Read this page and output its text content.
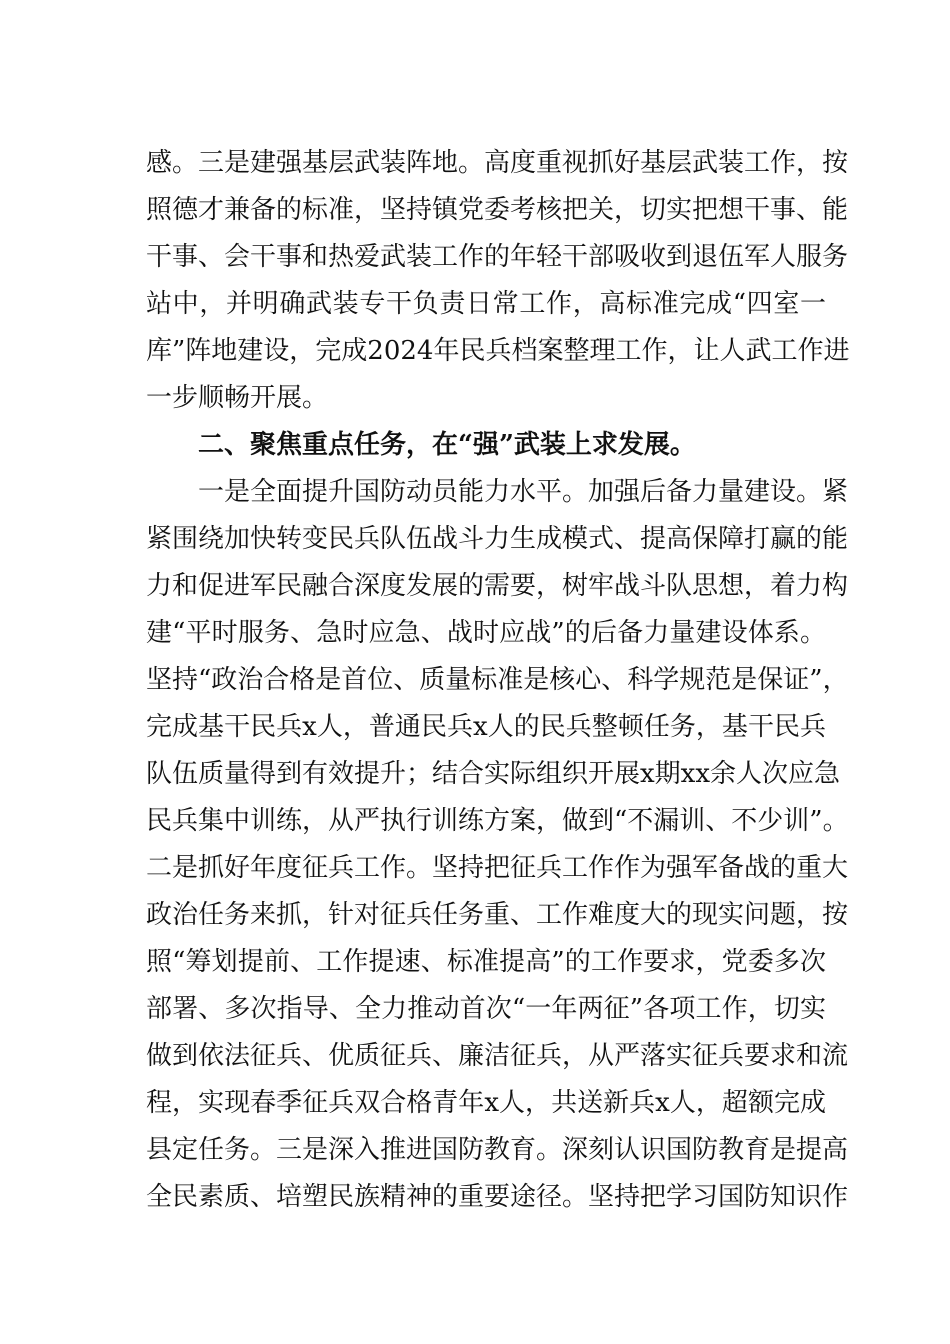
感。三是建强基层武装阵地。高度重视抓好基层武装工作，按
照德才兼备的标准，坚持镇党委考核把关，切实把想干事、能
干事、会干事和热爱武装工作的年轻干部吸收到退伍军人服务
站中，并明确武装专干负责日常工作，高标准完成“四室一
库”阵地建设，完成2024年民兵档案整理工作，让人武工作进
一步顺畅开展。
二、聚焦重点任务，在“强”武装上求发展。
一是全面提升国防动员能力水平。加强后备力量建设。紧
紧围绕加快转变民兵队伍战斗力生成模式、提高保障打赢的能
力和促进军民融合深度发展的需要，树牢战斗队思想，着力构
建“平时服务、急时应急、战时应战”的后备力量建设体系。
坚持“政治合格是首位、质量标准是核心、科学规范是保证”，
完成基干民兵x人，普通民兵x人的民兵整顿任务，基干民兵
队伍质量得到有效提升；结合实际组织开展x期xx余人次应急
民兵集中训练，从严执行训练方案，做到“不漏训、不少训”。
二是抓好年度征兵工作。坚持把征兵工作作为强军备战的重大
政治任务来抓，针对征兵任务重、工作难度大的现实问题，按
照“筹划提前、工作提速、标准提高”的工作要求，党委多次
部署、多次指导、全力推动首次“一年两征”各项工作，切实
做到依法征兵、优质征兵、廉洁征兵，从严落实征兵要求和流
程，实现春季征兵双合格青年x人，共送新兵x人，超额完成
县定任务。三是深入推进国防教育。深刻认识国防教育是提高
全民素质、培塑民族精神的重要途径。坚持把学习国防知识作
